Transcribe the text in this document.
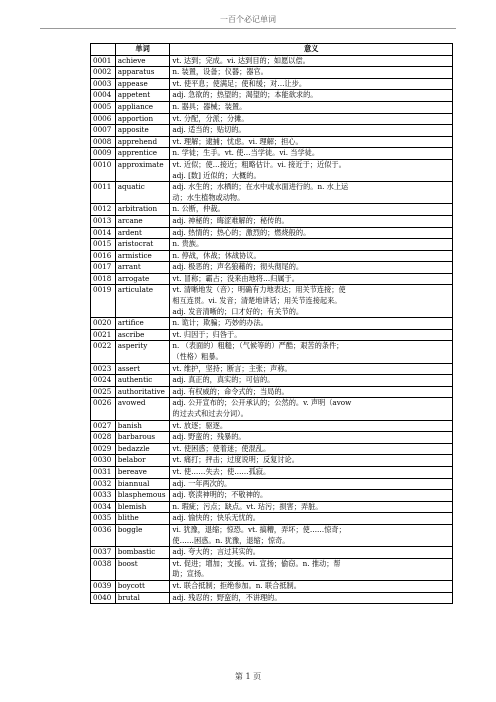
一百个必记单词
	单词	意义
0001	achieve	vt. 达到；完成。vi. 达到目的；如愿以偿。

0002	apparatus	n. 装置，设备；仪器；器官。

0003	appease	vt. 使平息；使满足；使和缓；对…让步。

0004	appetent	adj. 急欲的；热望的；渴望的；本能欲求的。

0005	appliance	n. 器具；器械；装置。

0006	apportion	vt. 分配，分派；分摊。

0007	apposite	adj. 适当的；贴切的。

0008	apprehend	vt. 理解；逮捕；忧虑。vi. 理解；担心。

0009	apprentice	n. 学徒；生手。vt. 使…当学徒。vi. 当学徒。

0010	approximate	vt. 近似；使…接近；粗略估计。vi. 接近于；近似于。
adj. [数] 近似的；大概的。

0011	aquatic	adj. 水生的；水栖的；在水中或水面进行的。n. 水上运
动；水生植物或动物。

0012	arbitration	n. 公断，仲裁。

0013	arcane	adj. 神秘的；晦涩难解的；秘传的。

0014	ardent	adj. 热情的；热心的；激烈的；燃烧般的。

0015	aristocrat	n. 贵族。

0016	armistice	n. 停战，休战；休战协议。

0017	arrant	adj. 极恶的；声名狼藉的；彻头彻尾的。

0018	arrogate	vt. 冒称；霸占；没来由地将…归属于。

0019	articulate	vt. 清晰地发（音）；明确有力地表达；用关节连接；使
相互连贯。vi. 发音；清楚地讲话；用关节连接起来。
adj. 发音清晰的；口才好的；有关节的。

0020	artifice	n. 诡计；欺骗；巧妙的办法。

0021	ascribe	vt. 归因于；归咎于。

0022	asperity	n. （表面的）粗糙；（气候等的）严酷；艰苦的条件；
（性格）粗暴。

0023	assert	vt. 维护，坚持；断言；主张；声称。

0024	authentic	adj. 真正的，真实的；可信的。

0025	authoritative	adj. 有权威的；命令式的；当局的。

0026	avowed	adj. 公开宣布的；公开承认的；公然的。v. 声明（avow
的过去式和过去分词）。

0027	banish	vt. 放逐；驱逐。

0028	barbarous	adj. 野蛮的；残暴的。

0029	bedazzle	vt. 使困惑；使着迷；使混乱。

0030	belabor	vt. 痛打；抨击；过度说明；反复讨论。

0031	bereave	vt. 使……失去；使……孤寂。

0032	biannual	adj. 一年两次的。

0033	blasphemous	adj. 亵渎神明的；不敬神的。

0034	blemish	n. 瑕疵；污点；缺点。vt. 玷污；损害；弄脏。

0035	blithe	adj. 愉快的；快乐无忧的。

0036	boggle	vi. 犹豫，退缩；惊恐。vt. 搞糟，弄坏；使……惊奇；
使……困惑。n. 犹豫，退缩；惊奇。

0037	bombastic	adj. 夸大的；言过其实的。

0038	boost	vt. 促进；增加；支援。vi. 宣扬；偷窃。n. 推动；帮
助；宣扬。

0039	boycott	vt. 联合抵制；拒绝参加。n. 联合抵制。

0040	brutal	adj. 残忍的；野蛮的，不讲理的。
第 1 页
